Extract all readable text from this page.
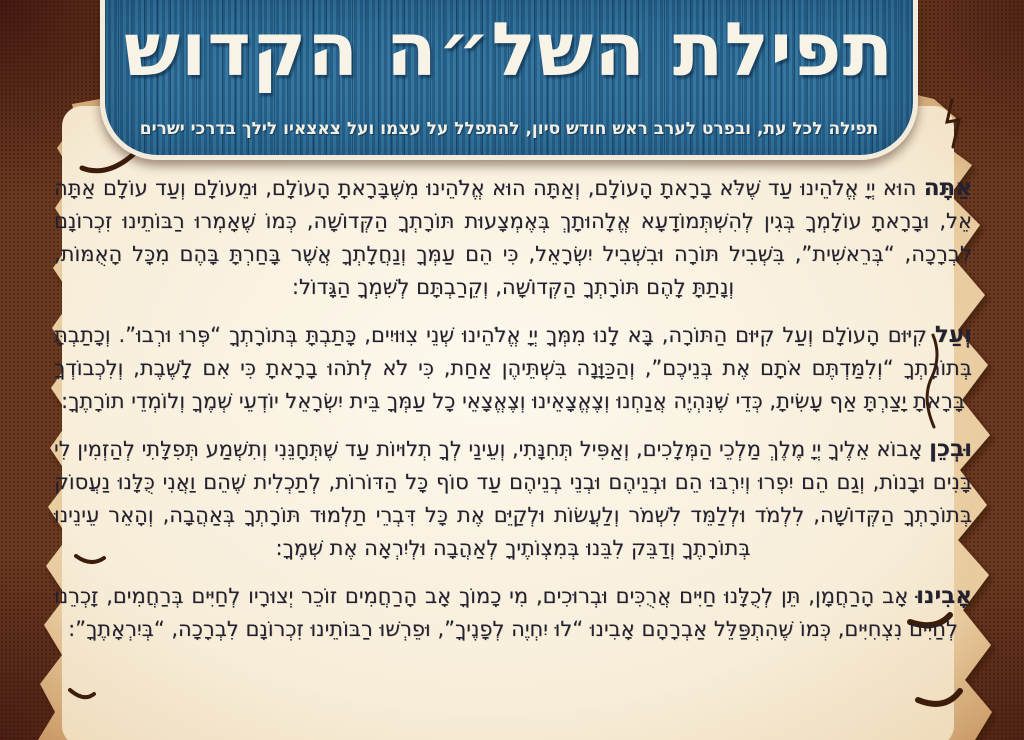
תפילת השל״ה הקדוש
תפילה לכל עת, ובפרט לערב ראש חודש סיון, להתפלל על עצמו ועל צאצאיו לילך בדרכי ישרים

אַתָּה הוּא יְיָ אֱלֹהֵינוּ עַד שֶׁלֹּא בָרָאתָ הָעוֹלָם, וְאַתָּה הוּא אֱלֹהֵינוּ מִשֶּׁבָּרָאתָ הָעוֹלָם, וּמֵעוֹלָם וְעַד עוֹלָם אַתָּה אֵל, וּבָרָאתָ עוֹלָמְךָ בְּגִין לְהִשְׁתְּמוֹדָעָא אֱלָהוּתָךְ בְּאֶמְצָעוּת תּוֹרָתְךָ הַקְּדוֹשָׁה, כְּמוֹ שֶׁאָמְרוּ רַבּוֹתֵינוּ זִכְרוֹנָם לִבְרָכָה, “בְּרֵאשִׁית”, בִּשְׁבִיל תּוֹרָה וּבִשְׁבִיל יִשְׂרָאֵל, כִּי הֵם עַמְּךָ וְנַחֲלָתְךָ אֲשֶׁר בָּחַרְתָּ בָּהֶם מִכָּל הָאֻמּוֹת, וְנָתַתָּ לָהֶם תּוֹרָתְךָ הַקְּדוֹשָׁה, וְקֵרַבְתָּם לְשִׁמְךָ הַגָּדוֹל:

וְעַל קִיּוּם הָעוֹלָם וְעַל קִיּוּם הַתּוֹרָה, בָּא לָנוּ מִמְּךָ יְיָ אֱלֹהֵינוּ שְׁנֵי צִוּוּיִים, כָּתַבְתָּ בְּתוֹרָתְךָ “פְּרוּ וּרְבוּ”. וְכָתַבְתָּ בְּתוֹרָתְךָ “וְלִמַּדְתֶּם אֹתָם אֶת בְּנֵיכֶם”, וְהַכַּוָּנָה בִּשְׁתֵּיהֶן אַחַת, כִּי לֹא לְתֹהוּ בָרָאתָ כִּי אִם לָשֶׁבֶת, וְלִכְבוֹדְךָ בָּרָאתָ יָצַרְתָּ אַף עָשִׂיתָ, כְּדֵי שֶׁנִּהְיֶה אֲנַחְנוּ וְצֶאֱצָאֵינוּ וְצֶאֱצָאֵי כָל עַמְּךָ בֵּית יִשְׂרָאֵל יוֹדְעֵי שְׁמֶךָ וְלוֹמְדֵי תוֹרָתֶךָ:

וּבְכֵן אָבוֹא אֵלֶיךָ יְיָ מֶלֶךְ מַלְכֵי הַמְּלָכִים, וְאַפִּיל תְּחִנָּתִי, וְעֵינַי לְךָ תְלוּיוֹת עַד שֶׁתְּחָנֵּנִי וְתִשְׁמַע תְּפִלָּתִי לְהַזְמִין לִי בָּנִים וּבָנוֹת, וְגַם הֵם יִפְרוּ וְיִרְבּוּ הֵם וּבְנֵיהֶם וּבְנֵי בְנֵיהֶם עַד סוֹף כָּל הַדּוֹרוֹת, לְתַכְלִית שֶׁהֵם וַאֲנִי כֻּלָּנוּ נַעֲסוֹק בְּתוֹרָתְךָ הַקְּדוֹשָׁה, לִלְמֹד וּלְלַמֵּד לִשְׁמֹר וְלַעֲשׂוֹת וּלְקַיֵּם אֶת כָּל דִּבְרֵי תַלְמוּד תּוֹרָתְךָ בְּאַהֲבָה, וְהָאֵר עֵינֵינוּ בְּתוֹרָתֶךָ וְדַבֵּק לִבֵּנוּ בְּמִצְוֹתֶיךָ לְאַהֲבָה וּלְיִרְאָה אֶת שְׁמֶךָ:

אָבִינוּ אָב הָרַחֲמָן, תֵּן לְכֻלָּנוּ חַיִּים אֲרֻכִּים וּבְרוּכִים, מִי כָמוֹךָ אָב הָרַחֲמִים זוֹכֵר יְצוּרָיו לְחַיִּים בְּרַחֲמִים, זָכְרֵנוּ לְחַיִּים נִצְחִיִּים, כְּמוֹ שֶׁהִתְפַּלֵּל אַבְרָהָם אָבִינוּ “לוּ יִחְיֶה לְפָנֶיךָ”, וּפֵרְשׁוּ רַבּוֹתֵינוּ זִכְרוֹנָם לִבְרָכָה, “בְּיִרְאָתֶךָ”:
